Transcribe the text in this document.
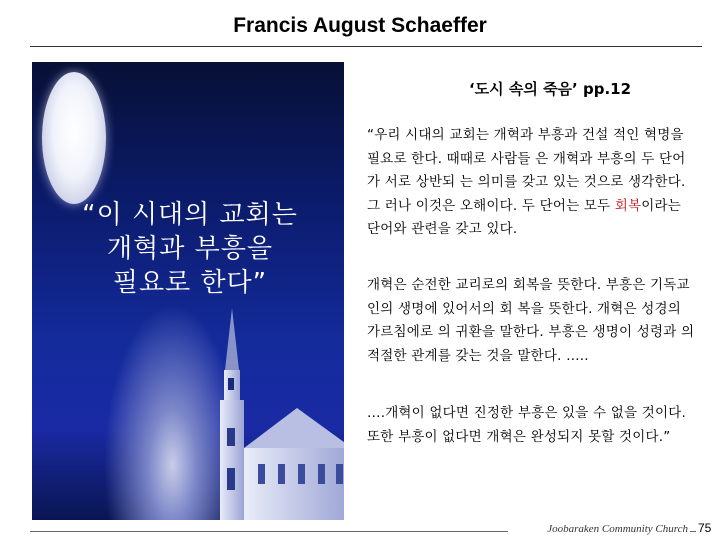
Francis August Schaeffer
“이 시대의 교회는
개혁과 부흥을
필요로 한다”
‘도시 속의 죽음’ pp.12
“우리 시대의 교회는 개혁과 부흥과 건설 적인 혁명을 필요로 한다. 때때로 사람들 은 개혁과 부흥의 두 단어가 서로 상반되 는 의미를 갖고 있는 것으로 생각한다. 그 러나 이것은 오해이다. 두 단어는 모두 회복이라는 단어와 관련을 갖고 있다.
개혁은 순전한 교리로의 회복을 뜻한다. 부흥은 기독교인의 생명에 있어서의 회 복을 뜻한다. 개혁은 성경의 가르침에로 의 귀환을 말한다. 부흥은 생명이 성령과 의 적절한 관계를 갖는 것을 말한다. …..
….개혁이 없다면 진정한 부흥은 있을 수 없을 것이다. 또한 부흥이 없다면 개혁은 완성되지 못할 것이다.”
Joobaraken Community Church 75
